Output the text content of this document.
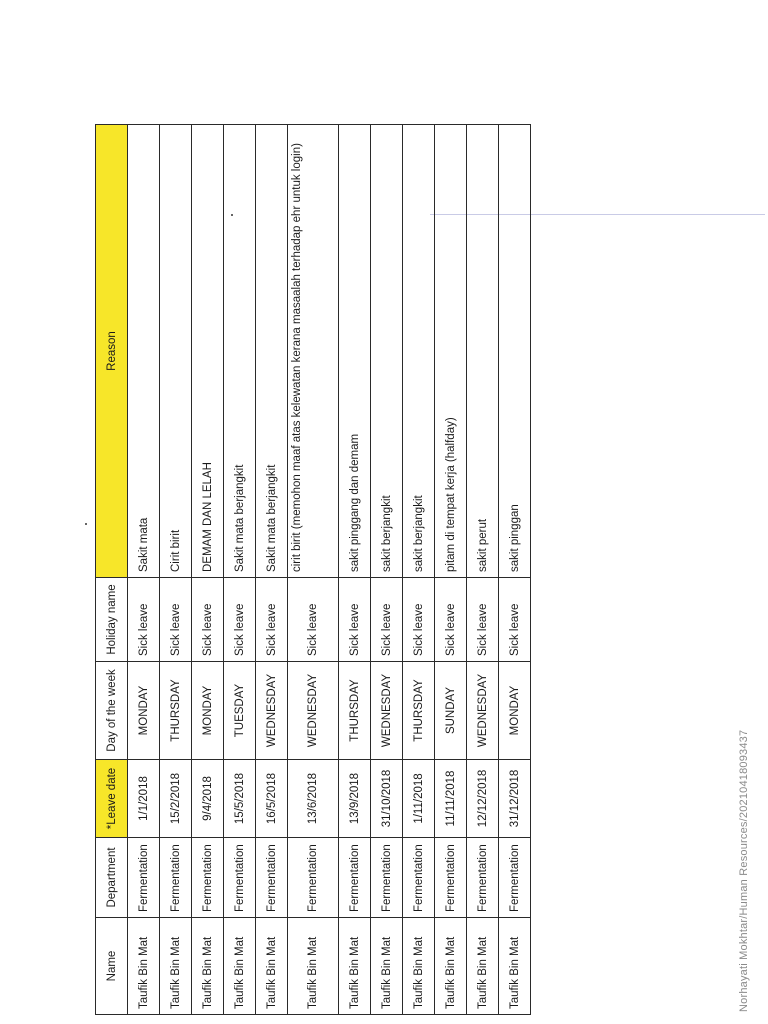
Norhayati Mokhtar/Human Resources/20210418093437
Name	Department	*Leave date	Day of the week	Holiday name	Reason
Taufik Bin Mat	Fermentation	1/1/2018	MONDAY	Sick leave	Sakit mata
Taufik Bin Mat	Fermentation	15/2/2018	THURSDAY	Sick leave	Cirit birit
Taufik Bin Mat	Fermentation	9/4/2018	MONDAY	Sick leave	DEMAM DAN LELAH
Taufik Bin Mat	Fermentation	15/5/2018	TUESDAY	Sick leave	Sakit mata berjangkit
Taufik Bin Mat	Fermentation	16/5/2018	WEDNESDAY	Sick leave	Sakit mata berjangkit
Taufik Bin Mat	Fermentation	13/6/2018	WEDNESDAY	Sick leave	cirit birit (memohon maaf atas kelewatan kerana masaalah terhadap ehr untuk login)
Taufik Bin Mat	Fermentation	13/9/2018	THURSDAY	Sick leave	sakit pinggang dan demam
Taufik Bin Mat	Fermentation	31/10/2018	WEDNESDAY	Sick leave	sakit berjangkit
Taufik Bin Mat	Fermentation	1/11/2018	THURSDAY	Sick leave	sakit berjangkit
Taufik Bin Mat	Fermentation	11/11/2018	SUNDAY	Sick leave	pitam di tempat kerja (halfday)
Taufik Bin Mat	Fermentation	12/12/2018	WEDNESDAY	Sick leave	sakit perut
Taufik Bin Mat	Fermentation	31/12/2018	MONDAY	Sick leave	sakit pinggan
